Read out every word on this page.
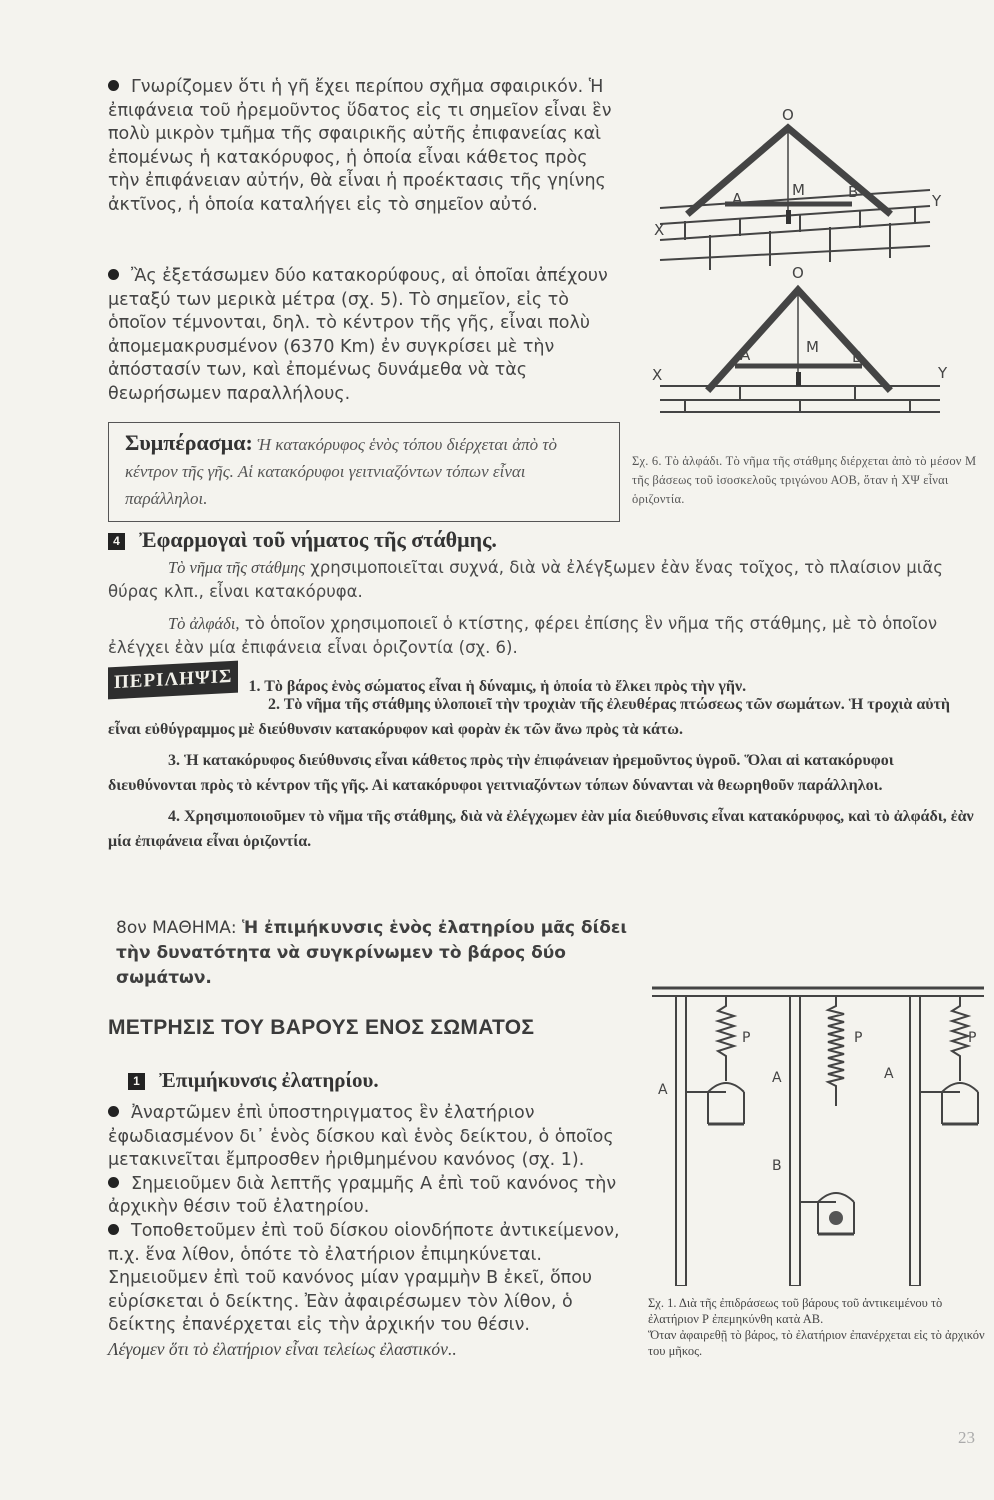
Γνωρίζομεν ὅτι ἡ γῆ ἔχει περίπου σχῆμα σφαιρικόν. Ἡ ἐπιφάνεια τοῦ ἠρεμοῦντος ὕδατος εἰς τι σημεῖον εἶναι ἓν πολὺ μικρὸν τμῆμα τῆς σφαιρικῆς αὐτῆς ἐπιφανείας καὶ ἐπομένως ἡ κατακόρυφος, ἡ ὁποία εἶναι κάθετος πρὸς τὴν ἐπιφάνειαν αὐτήν, θὰ εἶναι ἡ προέκτασις τῆς γηίνης ἀκτῖνος, ἡ ὁποία καταλήγει εἰς τὸ σημεῖον αὐτό.
Ἂς ἐξετάσωμεν δύο κατακορύφους, αἱ ὁποῖαι ἀπέχουν μεταξύ των μερικὰ μέτρα (σχ. 5). Τὸ σημεῖον, εἰς τὸ ὁποῖον τέμνονται, δηλ. τὸ κέντρον τῆς γῆς, εἶναι πολὺ ἀπομεμακρυσμένον (6370 Km) ἐν συγκρίσει μὲ τὴν ἀπόστασίν των, καὶ ἐπομένως δυνάμεθα νὰ τὰς θεωρήσωμεν παραλλήλους.
O
A	M	B
X
Y
O
A	M
B
X	Y
Συμπέρασμα: Ἡ κατακόρυφος ἑνὸς τόπου διέρχεται ἀπὸ τὸ κέντρον τῆς γῆς. Αἱ κατακόρυφοι γειτνιαζόντων τόπων εἶναι παράλληλοι.
Σχ. 6. Τὸ ἀλφάδι. Τὸ νῆμα τῆς στάθμης διέρχεται ἀπὸ τὸ μέσον Μ τῆς βάσεως τοῦ ἰσοσκελοῦς τριγώνου ΑΟΒ, ὅταν ἡ ΧΨ εἶναι ὁριζοντία.
4 Ἐφαρμογαὶ τοῦ νήματος τῆς στάθμης.
Τὸ νῆμα τῆς στάθμης χρησιμοποιεῖται συχνά, διὰ νὰ ἐλέγξωμεν ἐὰν ἕνας τοῖχος, τὸ πλαίσιον μιᾶς θύρας κλπ., εἶναι κατακόρυφα.
Τὸ ἀλφάδι, τὸ ὁποῖον χρησιμοποιεῖ ὁ κτίστης, φέρει ἐπίσης ἓν νῆμα τῆς στάθμης, μὲ τὸ ὁποῖον ἐλέγχει ἐὰν μία ἐπιφάνεια εἶναι ὁριζοντία (σχ. 6).
ΠΕΡΙΛΗΨΙΣ 1. Τὸ βάρος ἑνὸς σώματος εἶναι ἡ δύναμις, ἡ ὁποία τὸ ἕλκει πρὸς τὴν γῆν.
2. Τὸ νῆμα τῆς στάθμης ὑλοποιεῖ τὴν τροχιὰν τῆς ἐλευθέρας πτώσεως τῶν σωμάτων. Ἡ τροχιὰ αὐτὴ εἶναι εὐθύγραμμος μὲ διεύθυνσιν κατακόρυφον καὶ φορὰν ἐκ τῶν ἄνω πρὸς τὰ κάτω.
3. Ἡ κατακόρυφος διεύθυνσις εἶναι κάθετος πρὸς τὴν ἐπιφάνειαν ἠρεμοῦντος ὑγροῦ. Ὅλαι αἱ κατακόρυφοι διευθύνονται πρὸς τὸ κέντρον τῆς γῆς. Αἱ κατακόρυφοι γειτνιαζόντων τόπων δύνανται νὰ θεωρηθοῦν παράλληλοι.
4. Χρησιμοποιοῦμεν τὸ νῆμα τῆς στάθμης, διὰ νὰ ἐλέγχωμεν ἐὰν μία διεύθυνσις εἶναι κατακόρυφος, καὶ τὸ ἀλφάδι, ἐὰν μία ἐπιφάνεια εἶναι ὁριζοντία.
8ον ΜΑΘΗΜΑ: Ἡ ἐπιμήκυνσις ἑνὸς ἐλατηρίου μᾶς δίδει τὴν δυνατότητα νὰ συγκρίνωμεν τὸ βάρος δύο σωμάτων.
ΜΕΤΡΗΣΙΣ ΤΟΥ ΒΑΡΟΥΣ ΕΝΟΣ ΣΩΜΑΤΟΣ
1 Ἐπιμήκυνσις ἐλατηρίου.
Ἀναρτῶμεν ἐπὶ ὑποστηριγματος ἓν ἐλατήριον ἐφωδιασμένον δι᾿ ἑνὸς δίσκου καὶ ἑνὸς δείκτου, ὁ ὁποῖος μετακινεῖται ἔμπροσθεν ἠριθμημένου κανόνος (σχ. 1).
Σημειοῦμεν διὰ λεπτῆς γραμμῆς Α ἐπὶ τοῦ κανόνος τὴν ἀρχικὴν θέσιν τοῦ ἐλατηρίου.
Τοποθετοῦμεν ἐπὶ τοῦ δίσκου οἱονδήποτε ἀντικείμενον, π.χ. ἕνα λίθον, ὁπότε τὸ ἐλατήριον ἐπιμηκύνεται. Σημειοῦμεν ἐπὶ τοῦ κανόνος μίαν γραμμὴν Β ἐκεῖ, ὅπου εὑρίσκεται ὁ δείκτης. Ἐὰν ἀφαιρέσωμεν τὸν λίθον, ὁ δείκτης ἐπανέρχεται εἰς τὴν ἀρχικήν του θέσιν.
Λέγομεν ὅτι τὸ ἐλατήριον εἶναι τελείως ἐλαστικόν..
P	P	P
A
A	A
B
Σχ. 1. Διὰ τῆς ἐπιδράσεως τοῦ βάρους τοῦ ἀντικειμένου τὸ ἐλατήριον Ρ ἐπεμηκύνθη κατὰ ΑΒ.
Ὅταν ἀφαιρεθῇ τὸ βάρος, τὸ ἐλατήριον ἐπανέρχεται εἰς τὸ ἀρχικόν του μῆκος.
23
